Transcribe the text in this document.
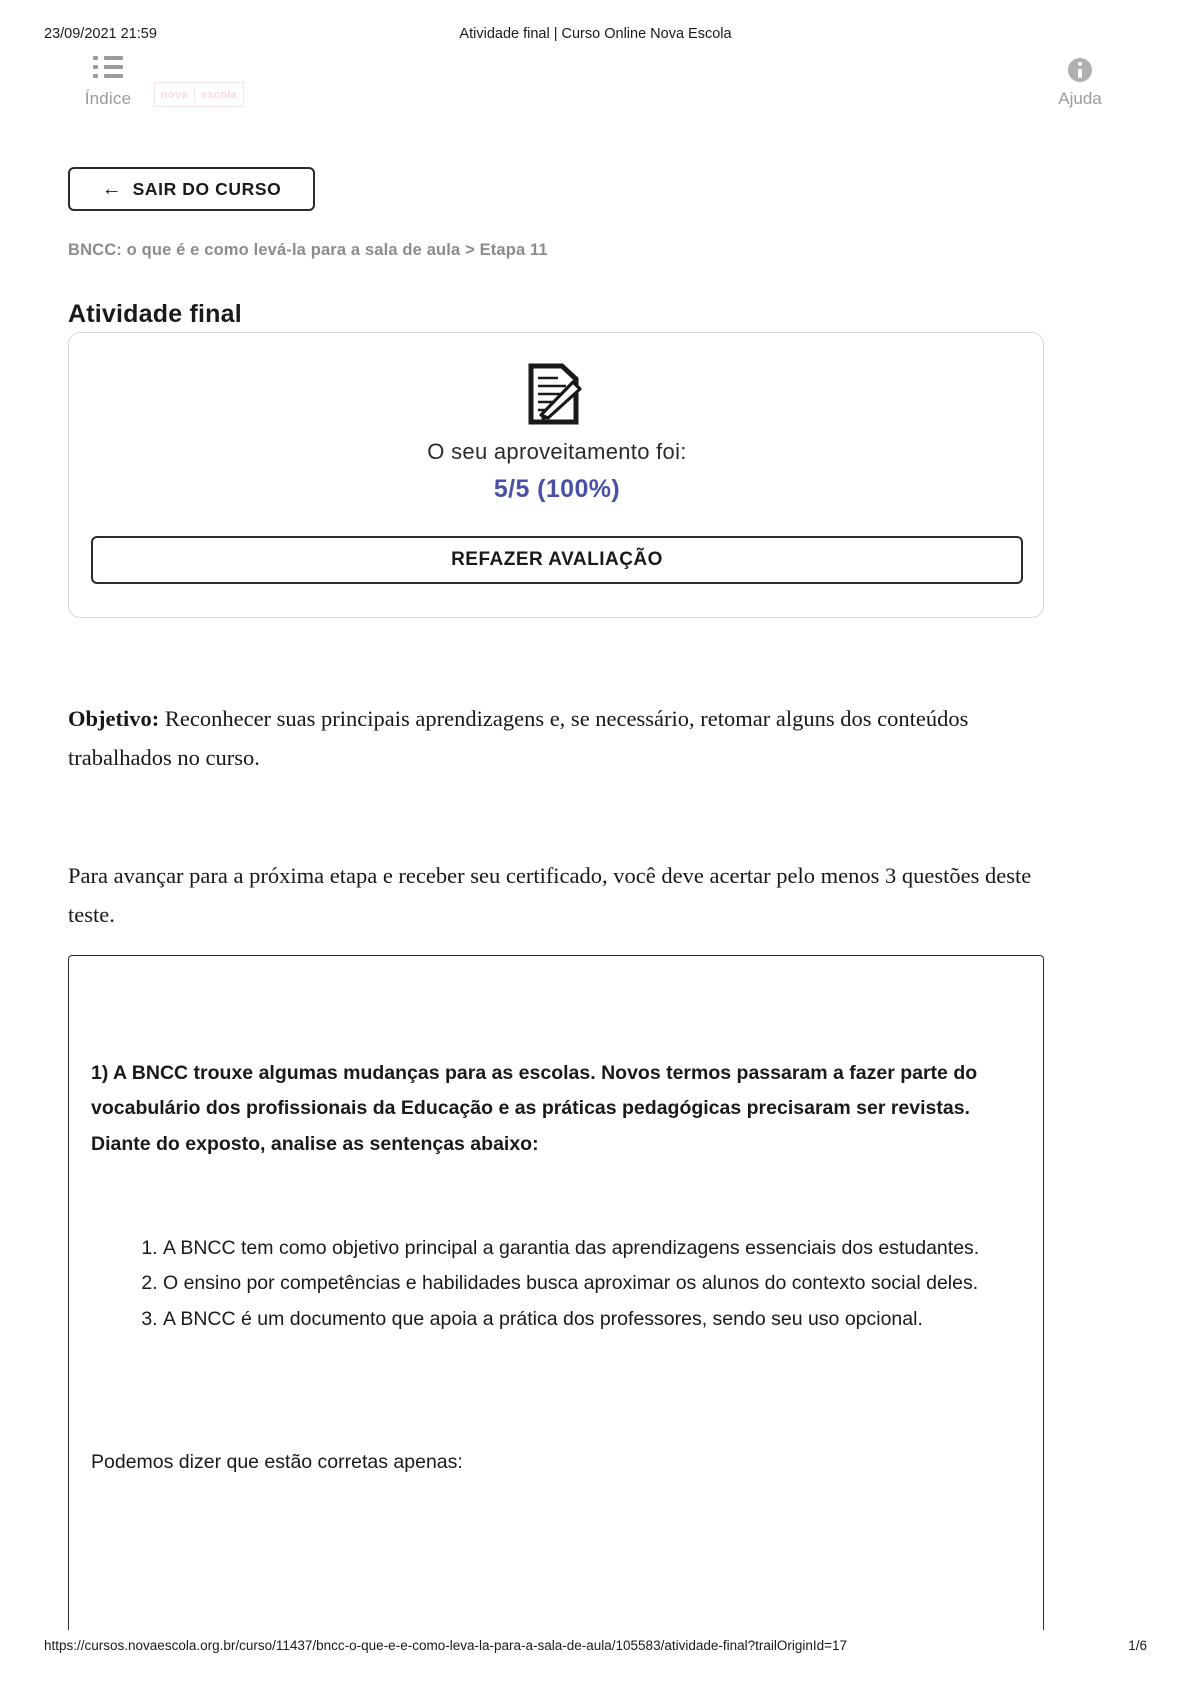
23/09/2021 21:59	Atividade final | Curso Online Nova Escola
Índice	nova	escola	Ajuda
← SAIR DO CURSO
BNCC: o que é e como levá-la para a sala de aula > Etapa 11
Atividade final
O seu aproveitamento foi:
5/5 (100%)
REFAZER AVALIAÇÃO

Objetivo: Reconhecer suas principais aprendizagens e, se necessário, retomar alguns dos conteúdos trabalhados no curso.

Para avançar para a próxima etapa e receber seu certificado, você deve acertar pelo menos 3 questões deste teste.

1) A BNCC trouxe algumas mudanças para as escolas. Novos termos passaram a fazer parte do vocabulário dos profissionais da Educação e as práticas pedagógicas precisaram ser revistas. Diante do exposto, analise as sentenças abaixo:
1. A BNCC tem como objetivo principal a garantia das aprendizagens essenciais dos estudantes.
2. O ensino por competências e habilidades busca aproximar os alunos do contexto social deles.
3. A BNCC é um documento que apoia a prática dos professores, sendo seu uso opcional.
Podemos dizer que estão corretas apenas:
https://cursos.novaescola.org.br/curso/11437/bncc-o-que-e-e-como-leva-la-para-a-sala-de-aula/105583/atividade-final?trailOriginId=17	1/6
